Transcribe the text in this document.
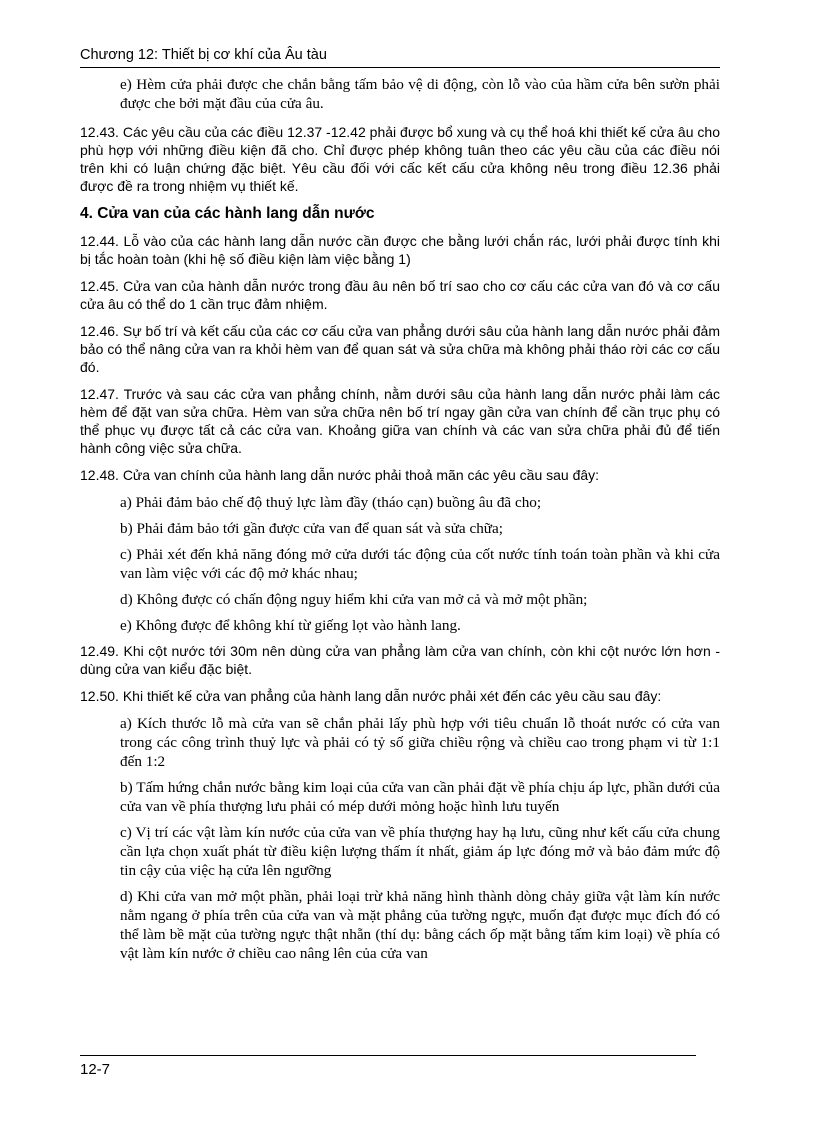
Chương 12: Thiết bị cơ khí của Âu tàu

e) Hèm cửa phải được che chắn bằng tấm bảo vệ di động, còn lỗ vào của hầm cửa bên sườn phải được che bởi mặt đầu của cửa âu.

12.43. Các yêu cầu của các điều 12.37 -12.42 phải được bổ xung và cụ thể hoá khi thiết kế cửa âu cho phù hợp với những điều kiện đã cho. Chỉ được phép không tuân theo các yêu cầu của các điều nói trên khi có luận chứng đặc biệt. Yêu cầu đối với cấc kết cấu cửa không nêu trong điều 12.36 phải được đề ra trong nhiệm vụ thiết kế.

4. Cửa van của các hành lang dẫn nước

12.44. Lỗ vào của các hành lang dẫn nước cần được che bằng lưới chắn rác, lưới phải được tính khi bị tắc hoàn toàn (khi hệ số điều kiện làm việc bằng 1)

12.45. Cửa van của hành dẫn nước trong đầu âu nên bố trí sao cho cơ cấu các cửa van đó và cơ cấu cửa âu có thể do 1 cần trục đảm nhiệm.

12.46. Sự bố trí và kết cấu của các cơ cấu cửa van phẳng dưới sâu của hành lang dẫn nước phải đảm bảo có thể nâng cửa van ra khỏi hèm van để quan sát và sửa chữa mà không phải tháo rời các cơ cấu đó.

12.47. Trước và sau các cửa van phẳng chính, nằm dưới sâu của hành lang dẫn nước phải làm các hèm để đặt van sửa chữa. Hèm van sửa chữa nên bố trí ngay gần cửa van chính để cần trục phụ có thể phục vụ được tất cả các cửa van. Khoảng giữa van chính và các van sửa chữa phải đủ để tiến hành công việc sửa chữa.

12.48. Cửa van chính của hành lang dẫn nước phải thoả mãn các yêu cầu sau đây:

a) Phải đảm bảo chế độ thuỷ lực làm đầy (tháo cạn) buồng âu đã cho;

b) Phải đảm bảo tới gần được cửa van để quan sát và sửa chữa;

c) Phải xét đến khả năng đóng mở cửa dưới tác động của cốt nước tính toán toàn phần và khi cửa van làm việc với các độ mở khác nhau;

d) Không được có chấn động nguy hiểm khi cửa van mở cả và mở một phần;

e) Không được để không khí từ giếng lọt vào hành lang.

12.49. Khi cột nước tới 30m nên dùng cửa van phẳng làm cửa van chính, còn khi cột nước lớn hơn - dùng cửa van kiểu đặc biệt.

12.50. Khi thiết kế cửa van phẳng của hành lang dẫn nước phải xét đến các yêu cầu sau đây:

a) Kích thước lỗ mà cửa van sẽ chắn phải lấy phù hợp với tiêu chuẩn lỗ thoát nước có cửa van trong các công trình thuỷ lực và phải có tỷ số giữa chiều rộng và chiều cao trong phạm vi từ 1:1 đến 1:2

b) Tấm hứng chắn nước bằng kim loại của cửa van cần phải đặt về phía chịu áp lực, phần dưới của cửa van về phía thượng lưu phải có mép dưới mỏng hoặc hình lưu tuyến

c) Vị trí các vật làm kín nước của cửa van về phía thượng hay hạ lưu, cũng như kết cấu cửa chung cần lựa chọn xuất phát từ điều kiện lượng thấm ít nhất, giảm áp lực đóng mở và bảo đảm mức độ tin cậy của việc hạ cửa lên ngưỡng

d) Khi cửa van mở một phần, phải loại trừ khả năng hình thành dòng chảy giữa vật làm kín nước nằm ngang ở phía trên của cửa van và mặt phẳng của tường ngực, muốn đạt được mục đích đó có thể làm bề mặt của tường ngực thật nhẵn (thí dụ: bằng cách ốp mặt bằng tấm kim loại) về phía có vật làm kín nước ở chiều cao nâng lên của cửa van

12-7
